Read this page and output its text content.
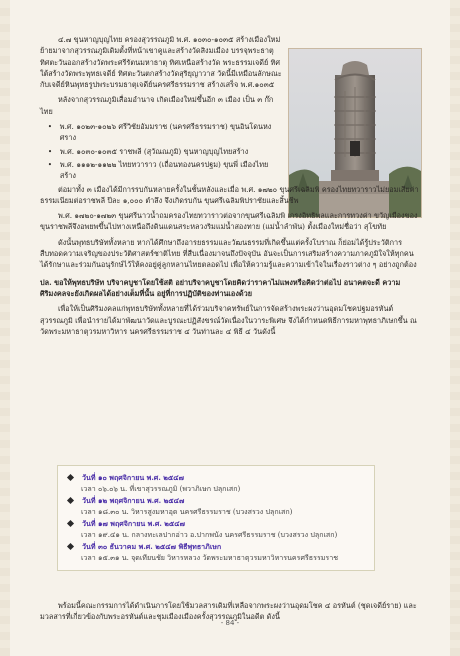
๔.๗ ขุนหาญบุญไทย ครองสุวรรณภูมิ พ.ศ. ๑๐๓๐-๑๐๓๕ สร้างเมืองใหม่ย้ายมาจากสุวรรณภูมิเดิมตั้งที่หน้าเขาคูและสร้างวัดสิงมเมือง บรรจุพระธาตุ ทิศตะวันออกสร้างวัดพระศรีรัตนมหาธาตุ ทิศเหนือสร้างวัด พระธรรมเจดีย์ ทิศใต้สร้างวัดพระพุทธเจดีย์ ทิศตะวันตกสร้างวัดสุริยุญาวาส วัดนี้มีเหมือนลักษณะกับเจดีย์หินพุทธรูปพระบรมธาตุเจดีย์นครศรีธรรมราช สร้างเสร็จ พ.ศ.๑๐๓๕

หลังจากสุวรรณภูมิเสื่อมอำนาจ เกิดเมืองใหม่ขึ้นอีก ๓ เมือง เป็น ๓ ก๊กไทย

• พ.ศ. ๑๐๒๓-๑๐๒๖ ศรีวิชัยอัมมราช (นครศรีธรรมราช) ขุนอินโดนหงศราง
• พ.ศ. ๑๐๓๐-๑๐๓๕ ราชพลี (สุวัณณภูมิ) ขุนหาญบุญไทยสร้าง
• พ.ศ. ๑๑๑๒-๑๑๒๒ ไทยทวาราว (เถื่อนทองนครปฐม) ขุนพี่ เมืองไทยสร้าง

ต่อมาทั้ง ๓ เมืองได้มีการรบกันหลายครั้งในชั้นหลังและเมื่อ พ.ศ. ๑๗๒๐ ขุนศรีเฉลิมพิ ครองไทยทวาราวไม่ยอมเสียค่าธรรมเนียมต่อราชพลี ปีละ ๑,๐๐๐ ตำลึง จึงเกิดรบกัน ขุนศรีเฉลิมพิปราชัยและสิ้นชีพ

พ.ศ. ๑๗๒๐-๑๗๒๓ ขุนศรีนาวน้ำถมครองไทยทวาราวต่อจากขุนศรีเฉลิมพิ เกรงอิทธิพลและการทวงค่า ขวัญเมืองของขุนราชพลีจึงอพยพขึ้นไปทางเหนือถึงดินแดนสระหลวงริมแม่น้ำสองทาย (แม่น้ำลำพัน) ตั้งเมืองใหม่ชื่อว่า สุโขทัย

ดังนั้นพุทธบริษัททั้งหลาย หากได้ศึกษาถึงอารยธรรมและวัฒนธรรมที่เกิดขึ้นแต่ครั้งโบราณ ก็ย่อมได้รู้ประวัติการสืบทอดความเจริญของประวัติศาสตร์ชาติไทย ที่สืบเนื่องมาจนถึงปัจจุบัน อันจะเป็นการเสริมสร้างความภาคภูมิใจให้ทุกคนได้รักษาและร่วมกันอนุรักษ์ไว้ให้คงอยู่คู่ลูกหลานไทยตลอดไป เพื่อให้ความรู้และความเข้าใจในเรื่องราวต่าง ๆ อย่างถูกต้อง

ปล. ขอให้พุทธบริษัท บริจาคบูชาโดยใช้สติ อย่าบริจาคบูชาโดยคิดว่าราคาไม่แพงหรือคิดว่าต่อไป อนาคตจะดี ความศิริมงคลจะยังเกิดผลได้อย่างเต็มที่นั้น อยู่ที่การปฏิบัติของท่านเองด้วย

เพื่อให้เป็นศิริมงคลแก่พุทธบริษัททั้งหลายที่ได้ร่วมบริจาคทรัพย์ในการจัดสร้างพระผงว่านอุดมโชคปฐมอรหันต์สุวรรณภูมิ เพื่อนำรายได้มาพัฒนาวัดและบูรณะปฏิสังขรณ์วัดเนื่องในวาระพิเศษ จึงได้กำหนดพิธีการมหาพุทธาภิเษกขึ้น ณ วัดพระมหาธาตุวรมหาวิหาร นครศรีธรรมราช ๔ วันท่านละ ๔ พิธี ๔ วันดังนี้

วันที่ ๑๐ พฤศจิกายน พ.ศ. ๒๕๔๗
เวลา ๐๖.๐๖ น. ที่เขาสุวรรณภูมิ (พวาภิเษก ปลุกเสก)
วันที่ ๑๒ พฤศจิกายน พ.ศ. ๒๕๔๗
เวลา ๑๘.๓๐ น. วิหารสูงมหาอุด นครศรีธรรมราช (บวงสรวง ปลุกเสก)
วันที่ ๑๗ พฤศจิกายน พ.ศ. ๒๕๔๗
เวลา ๑๙.๔๑ น. กลางทะเลปากอ่าว อ.ปากพนัง นครศรีธรรมราช (บวงสรวง ปลุกเสก)
วันที่ ๓๐ ธันวาคม พ.ศ. ๒๕๔๗ พิธีพุทธาภิเษก
เวลา ๑๕.๓๑ น. จุดเทียนชัย วิหารหลวง วัดพระมหาธาตุวรมหาวิหารนครศรีธรรมราช

พร้อมนี้คณะกรรมการได้ดำเนินการโดยใช้มวลสารเดิมที่เหลือจากพระผงว่านอุดมโชค ๔ อรหันต์ (ชุดเจดีย์ราย) และมวลสารที่เกี่ยวข้องกับพระอรหันต์และชุมเมืองเมืองครั้งสุวรรณภูมิในอดีต ดังนี้

- 84 -
